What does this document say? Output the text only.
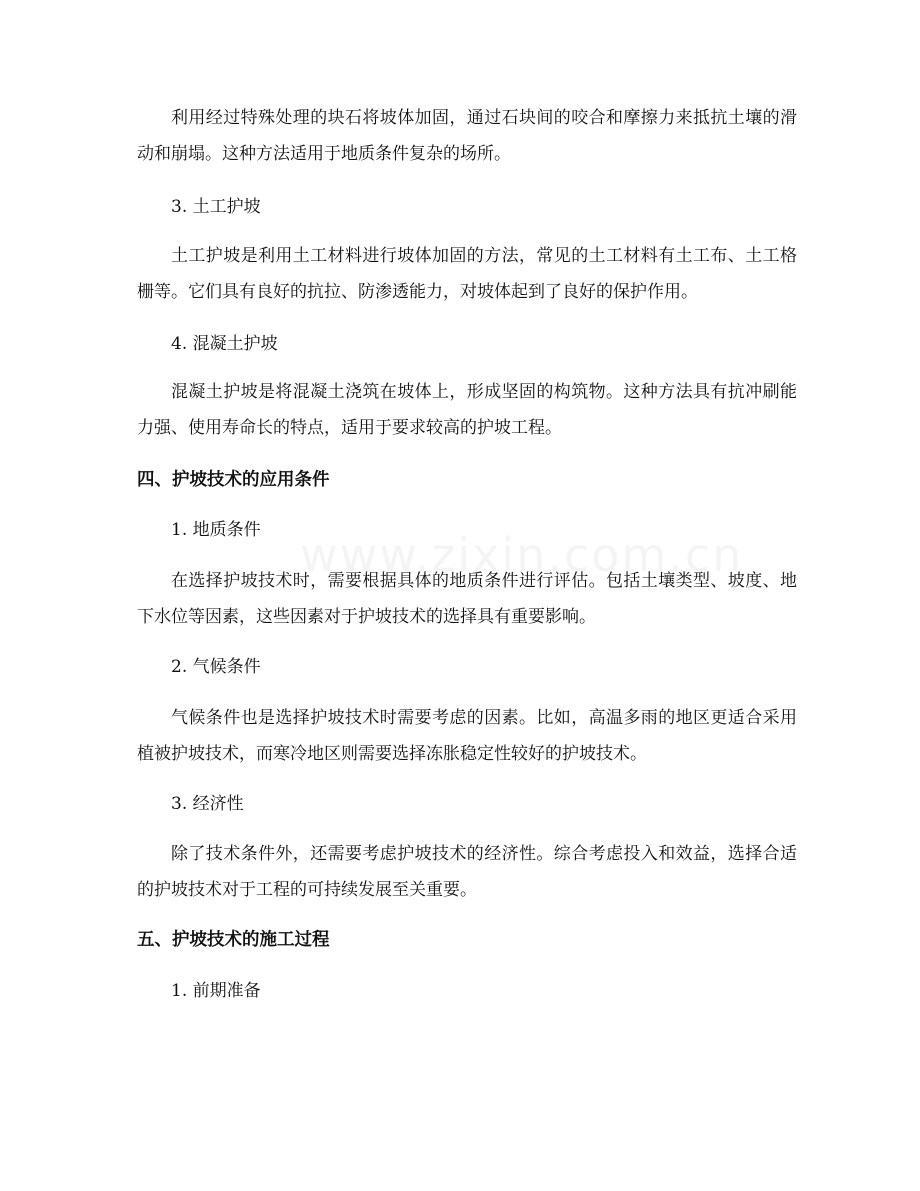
利用经过特殊处理的块石将坡体加固，通过石块间的咬合和摩擦力来抵抗土壤的滑动和崩塌。这种方法适用于地质条件复杂的场所。
3. 土工护坡
土工护坡是利用土工材料进行坡体加固的方法，常见的土工材料有土工布、土工格栅等。它们具有良好的抗拉、防渗透能力，对坡体起到了良好的保护作用。
4. 混凝土护坡
混凝土护坡是将混凝土浇筑在坡体上，形成坚固的构筑物。这种方法具有抗冲刷能力强、使用寿命长的特点，适用于要求较高的护坡工程。
四、护坡技术的应用条件
1. 地质条件
在选择护坡技术时，需要根据具体的地质条件进行评估。包括土壤类型、坡度、地下水位等因素，这些因素对于护坡技术的选择具有重要影响。
2. 气候条件
气候条件也是选择护坡技术时需要考虑的因素。比如，高温多雨的地区更适合采用植被护坡技术，而寒冷地区则需要选择冻胀稳定性较好的护坡技术。
3. 经济性
除了技术条件外，还需要考虑护坡技术的经济性。综合考虑投入和效益，选择合适的护坡技术对于工程的可持续发展至关重要。
五、护坡技术的施工过程
1. 前期准备
